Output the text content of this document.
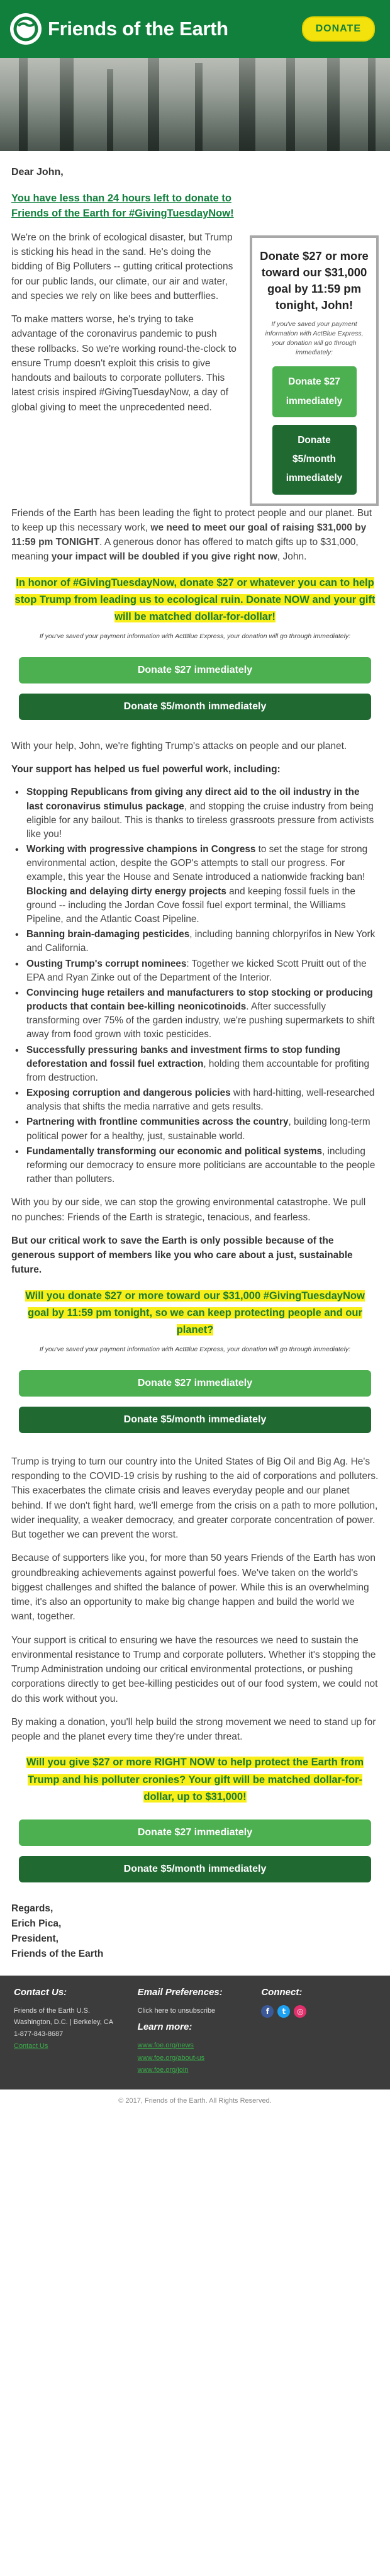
Friends of the Earth	DONATE
Dear John,
You have less than 24 hours left to donate to Friends of the Earth for #GivingTuesdayNow!

We're on the brink of ecological disaster, but Trump is sticking his head in the sand. He's doing the bidding of Big Polluters -- gutting critical protections for our public lands, our climate, our air and water, and species we rely on like bees and butterflies.

To make matters worse, he's trying to take advantage of the coronavirus pandemic to push these rollbacks. So we're working round-the-clock to ensure Trump doesn't exploit this crisis to give handouts and bailouts to corporate polluters. This latest crisis inspired #GivingTuesdayNow, a day of global giving to meet the unprecedented need.

Donate $27 or more toward our $31,000 goal by 11:59 pm tonight, John!
If you've saved your payment information with ActBlue Express, your donation will go through immediately:
Donate $27 immediately
Donate $5/month immediately

Friends of the Earth has been leading the fight to protect people and our planet. But to keep up this necessary work, we need to meet our goal of raising $31,000 by 11:59 pm TONIGHT. A generous donor has offered to match gifts up to $31,000, meaning your impact will be doubled if you give right now, John.

In honor of #GivingTuesdayNow, donate $27 or whatever you can to help stop Trump from leading us to ecological ruin. Donate NOW and your gift will be matched dollar-for-dollar!
If you've saved your payment information with ActBlue Express, your donation will go through immediately:
Donate $27 immediately
Donate $5/month immediately

With your help, John, we're fighting Trump's attacks on people and our planet.

Your support has helped us fuel powerful work, including:
• Stopping Republicans from giving any direct aid to the oil industry in the last coronavirus stimulus package, and stopping the cruise industry from being eligible for any bailout. This is thanks to tireless grassroots pressure from activists like you!
• Working with progressive champions in Congress to set the stage for strong environmental action, despite the GOP's attempts to stall our progress. For example, this year the House and Senate introduced a nationwide fracking ban! Blocking and delaying dirty energy projects and keeping fossil fuels in the ground -- including the Jordan Cove fossil fuel export terminal, the Williams Pipeline, and the Atlantic Coast Pipeline.
• Banning brain-damaging pesticides, including banning chlorpyrifos in New York and California.
• Ousting Trump's corrupt nominees: Together we kicked Scott Pruitt out of the EPA and Ryan Zinke out of the Department of the Interior.
• Convincing huge retailers and manufacturers to stop stocking or producing products that contain bee-killing neonicotinoids. After successfully transforming over 75% of the garden industry, we're pushing supermarkets to shift away from food grown with toxic pesticides.
• Successfully pressuring banks and investment firms to stop funding deforestation and fossil fuel extraction, holding them accountable for profiting from destruction.
• Exposing corruption and dangerous policies with hard-hitting, well-researched analysis that shifts the media narrative and gets results.
• Partnering with frontline communities across the country, building long-term political power for a healthy, just, sustainable world.
• Fundamentally transforming our economic and political systems, including reforming our democracy to ensure more politicians are accountable to the people rather than polluters.

With you by our side, we can stop the growing environmental catastrophe. We pull no punches: Friends of the Earth is strategic, tenacious, and fearless.

But our critical work to save the Earth is only possible because of the generous support of members like you who care about a just, sustainable future.
Will you donate $27 or more toward our $31,000 #GivingTuesdayNow goal by 11:59 pm tonight, so we can keep protecting people and our planet?
If you've saved your payment information with ActBlue Express, your donation will go through immediately:
Donate $27 immediately
Donate $5/month immediately

Trump is trying to turn our country into the United States of Big Oil and Big Ag. He's responding to the COVID-19 crisis by rushing to the aid of corporations and polluters. This exacerbates the climate crisis and leaves everyday people and our planet behind. If we don't fight hard, we'll emerge from the crisis on a path to more pollution, wider inequality, a weaker democracy, and greater corporate concentration of power. But together we can prevent the worst.

Because of supporters like you, for more than 50 years Friends of the Earth has won groundbreaking achievements against powerful foes. We've taken on the world's biggest challenges and shifted the balance of power. While this is an overwhelming time, it's also an opportunity to make big change happen and build the world we want, together.

Your support is critical to ensuring we have the resources we need to sustain the environmental resistance to Trump and corporate polluters. Whether it's stopping the Trump Administration undoing our critical environmental protections, or pushing corporations directly to get bee-killing pesticides out of our food system, we could not do this work without you.

By making a donation, you'll help build the strong movement we need to stand up for people and the planet every time they're under threat.

Will you give $27 or more RIGHT NOW to help protect the Earth from Trump and his polluter cronies? Your gift will be matched dollar-for-dollar, up to $31,000!
Donate $27 immediately
Donate $5/month immediately
Regards,
Erich Pica,
President,
Friends of the Earth
Contact Us:
Friends of the Earth U.S.
Washington, D.C. | Berkeley, CA
1-877-843-8687
Contact Us
Email Preferences:
Click here to unsubscribe
Learn more:
www.foe.org/news
www.foe.org/about-us
www.foe.org/join
Connect:
f	t	◎
© 2017, Friends of the Earth. All Rights Reserved.
